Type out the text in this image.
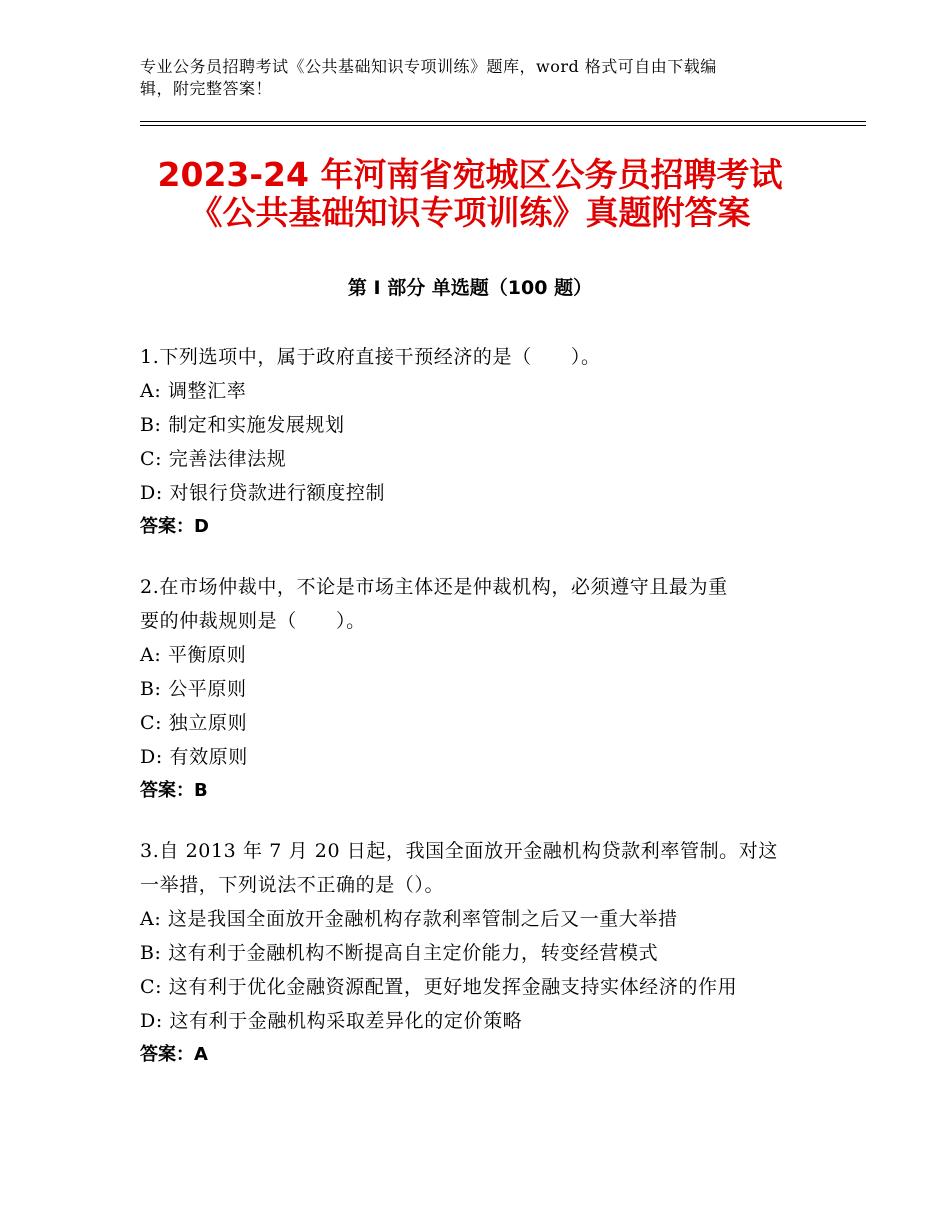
专业公务员招聘考试《公共基础知识专项训练》题库，word 格式可自由下载编
辑，附完整答案！
2023-24 年河南省宛城区公务员招聘考试
《公共基础知识专项训练》真题附答案
第 I 部分 单选题（100 题）
1.下列选项中，属于政府直接干预经济的是（　　）。
A: 调整汇率
B: 制定和实施发展规划
C: 完善法律法规
D: 对银行贷款进行额度控制
答案：D
2.在市场仲裁中，不论是市场主体还是仲裁机构，必须遵守且最为重
要的仲裁规则是（　　）。
A: 平衡原则
B: 公平原则
C: 独立原则
D: 有效原则
答案：B
3.自 2013 年 7 月 20 日起，我国全面放开金融机构贷款利率管制。对这
一举措，下列说法不正确的是（）。
A: 这是我国全面放开金融机构存款利率管制之后又一重大举措
B: 这有利于金融机构不断提高自主定价能力，转变经营模式
C: 这有利于优化金融资源配置，更好地发挥金融支持实体经济的作用
D: 这有利于金融机构采取差异化的定价策略
答案：A
